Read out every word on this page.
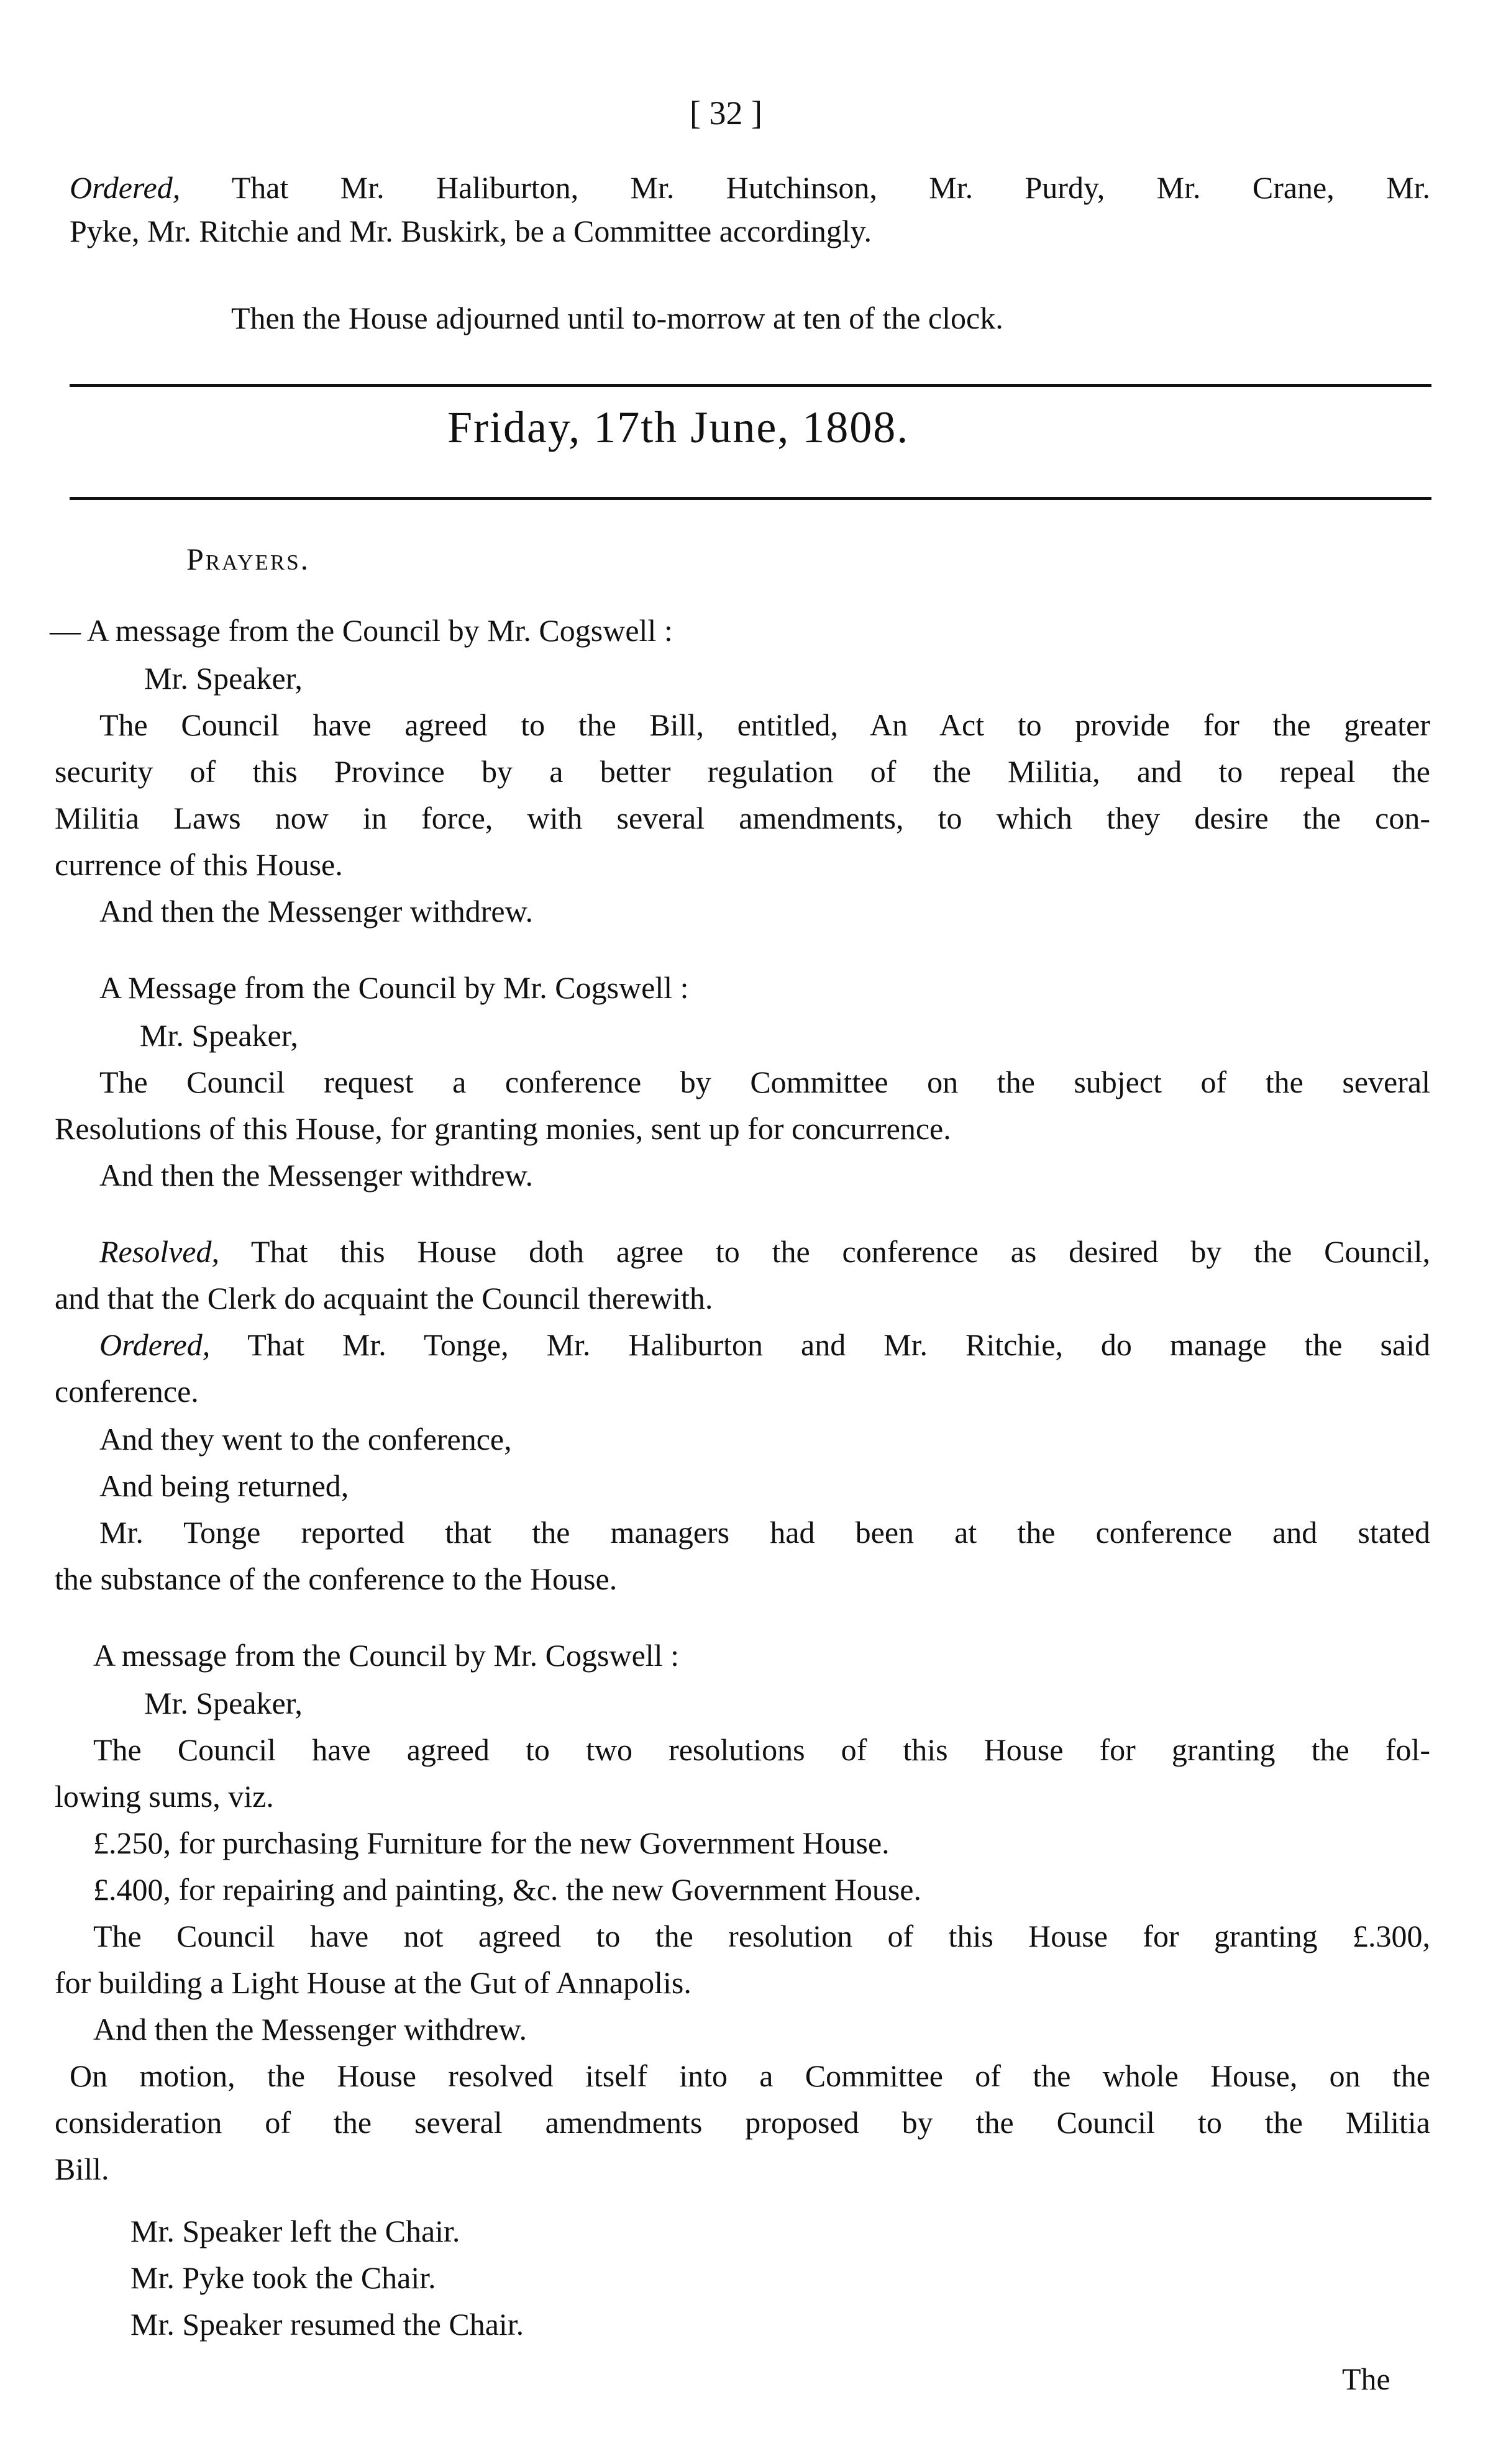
[ 32 ]
Ordered, That Mr. Haliburton, Mr. Hutchinson, Mr. Purdy, Mr. Crane, Mr.
Pyke, Mr. Ritchie and Mr. Buskirk, be a Committee accordingly.
Then the House adjourned until to-morrow at ten of the clock.
Friday, 17th June, 1808.
Prayers.
— A message from the Council by Mr. Cogswell :
Mr. Speaker,
The Council have agreed to the Bill, entitled, An Act to provide for the greater
security of this Province by a better regulation of the Militia, and to repeal the
Militia Laws now in force, with several amendments, to which they desire the con-
currence of this House.
And then the Messenger withdrew.
A Message from the Council by Mr. Cogswell :
Mr. Speaker,
The Council request a conference by Committee on the subject of the several
Resolutions of this House, for granting monies, sent up for concurrence.
And then the Messenger withdrew.
Resolved, That this House doth agree to the conference as desired by the Council,
and that the Clerk do acquaint the Council therewith.
Ordered, That Mr. Tonge, Mr. Haliburton and Mr. Ritchie, do manage the said
conference.
And they went to the conference,
And being returned,
Mr. Tonge reported that the managers had been at the conference and stated
the substance of the conference to the House.
A message from the Council by Mr. Cogswell :
Mr. Speaker,
The Council have agreed to two resolutions of this House for granting the fol-
lowing sums, viz.
£.250, for purchasing Furniture for the new Government House.
£.400, for repairing and painting, &c. the new Government House.
The Council have not agreed to the resolution of this House for granting £.300,
for building a Light House at the Gut of Annapolis.
And then the Messenger withdrew.
On motion, the House resolved itself into a Committee of the whole House, on the
consideration of the several amendments proposed by the Council to the Militia
Bill.
Mr. Speaker left the Chair.
Mr. Pyke took the Chair.
Mr. Speaker resumed the Chair.
The
